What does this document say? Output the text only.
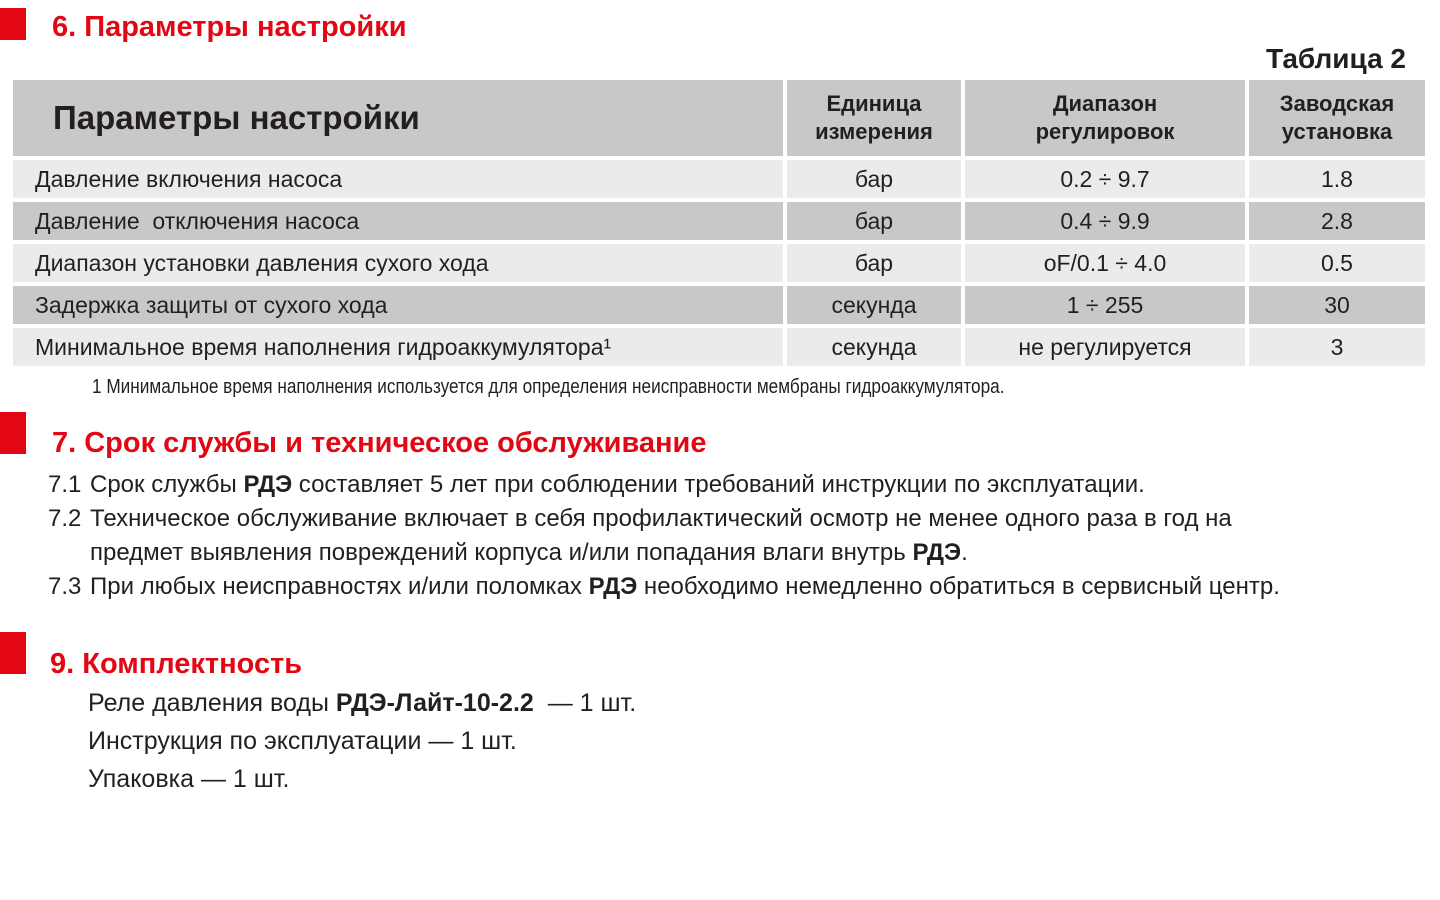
6. Параметры настройки
Таблица 2
Параметры настройки	Единица измерения	Диапазон регулировок	Заводская установка
Давление включения насоса	бар	0.2 ÷ 9.7	1.8
Давление  отключения насоса	бар	0.4 ÷ 9.9	2.8
Диапазон установки давления сухого хода	бар	oF/0.1 ÷ 4.0	0.5
Задержка защиты от сухого хода	секунда	1 ÷ 255	30
Минимальное время наполнения гидроаккумулятора¹	секунда	не регулируется	3
1 Минимальное время наполнения используется для определения неисправности мембраны гидроаккумулятора.
7. Срок службы и техническое обслуживание
7.1 Срок службы РДЭ составляет 5 лет при соблюдении требований инструкции по эксплуатации.
7.2 Техническое обслуживание включает в себя профилактический осмотр не менее одного раза в год на
предмет выявления повреждений корпуса и/или попадания влаги внутрь РДЭ.
7.3 При любых неисправностях и/или поломках РДЭ необходимо немедленно обратиться в сервисный центр.
9. Комплектность
Реле давления воды РДЭ-Лайт-10-2.2  — 1 шт.
Инструкция по эксплуатации — 1 шт.
Упаковка — 1 шт.
